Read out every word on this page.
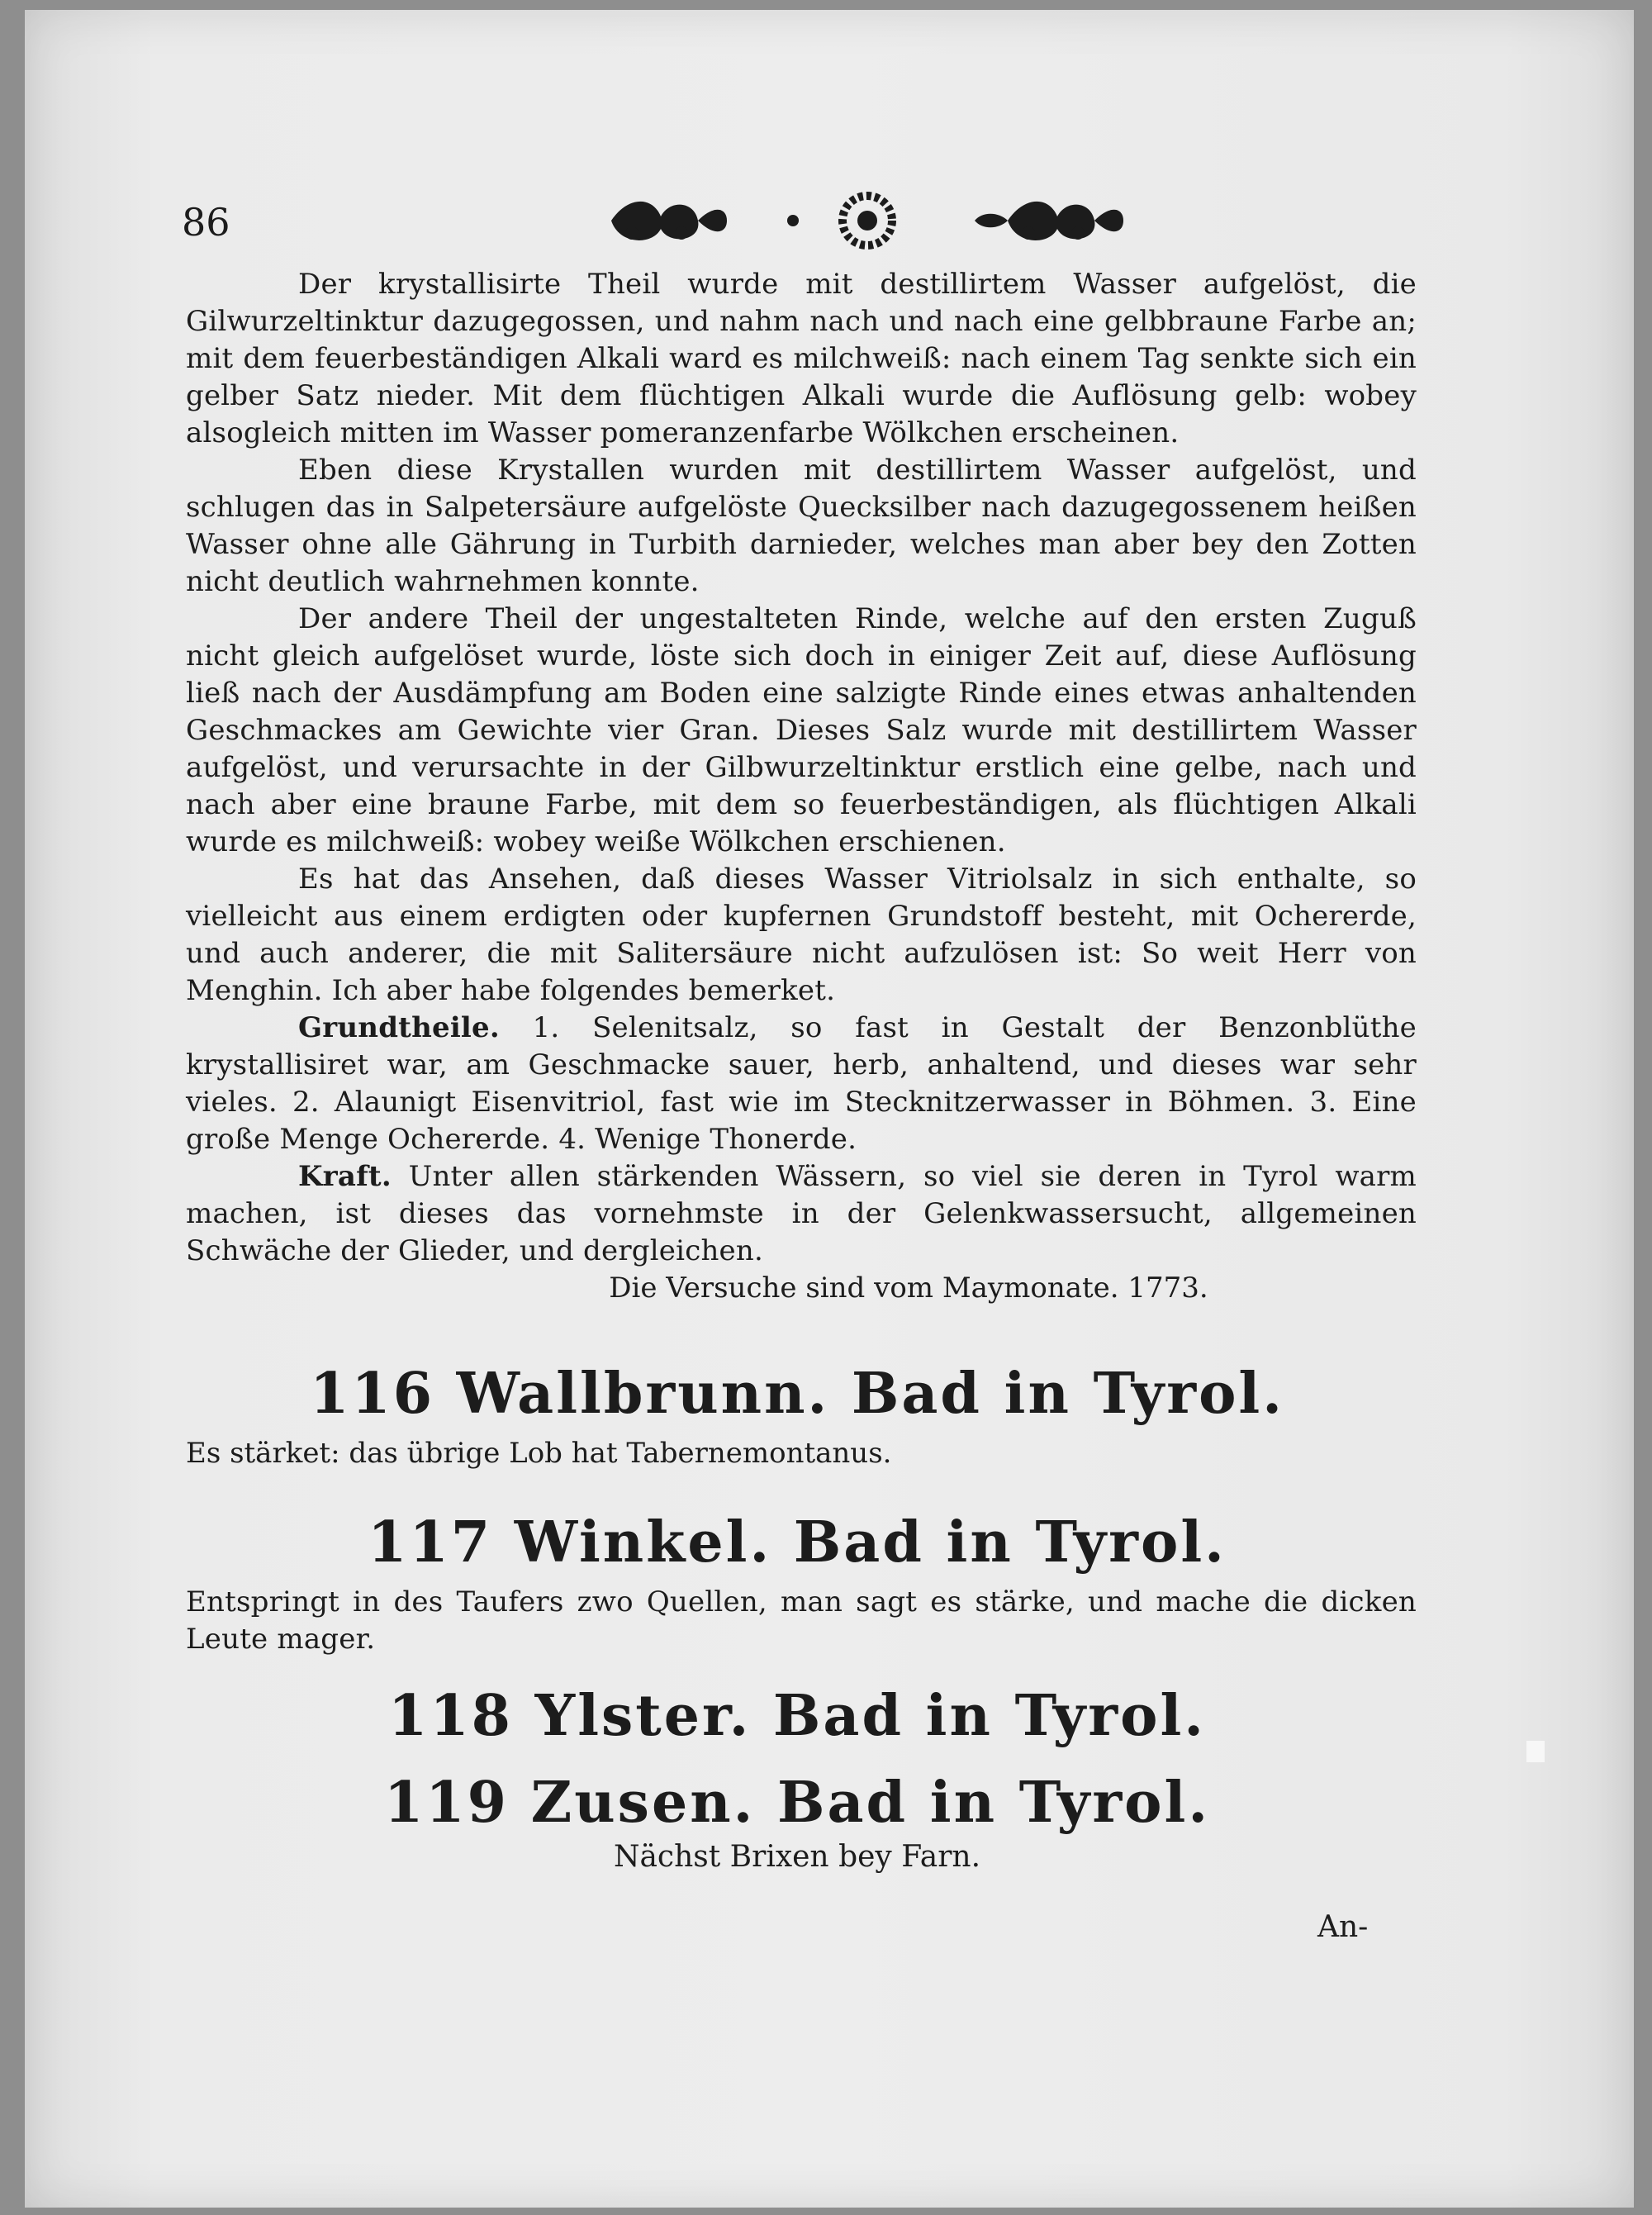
86

Der krystallisirte Theil wurde mit destillirtem Wasser aufgelöst, die Gilwurzeltinktur dazugegossen, und nahm nach und nach eine gelbbraune Farbe an; mit dem feuerbeständigen Alkali ward es milchweiß: nach einem Tag senkte sich ein gelber Satz nieder. Mit dem flüchtigen Alkali wurde die Auflösung gelb: wobey alsogleich mitten im Wasser pomeranzenfarbe Wölkchen erscheinen.

Eben diese Krystallen wurden mit destillirtem Wasser aufgelöst, und schlugen das in Salpetersäure aufgelöste Quecksilber nach dazugegossenem heißen Wasser ohne alle Gährung in Turbith darnieder, welches man aber bey den Zotten nicht deutlich wahrnehmen konnte.

Der andere Theil der ungestalteten Rinde, welche auf den ersten Zuguß nicht gleich aufgelöset wurde, löste sich doch in einiger Zeit auf, diese Auflösung ließ nach der Ausdämpfung am Boden eine salzigte Rinde eines etwas anhaltenden Geschmackes am Gewichte vier Gran. Dieses Salz wurde mit destillirtem Wasser aufgelöst, und verursachte in der Gilbwurzeltinktur erstlich eine gelbe, nach und nach aber eine braune Farbe, mit dem so feuerbeständigen, als flüchtigen Alkali wurde es milchweiß: wobey weiße Wölkchen erschienen.

Es hat das Ansehen, daß dieses Wasser Vitriolsalz in sich enthalte, so vielleicht aus einem erdigten oder kupfernen Grundstoff besteht, mit Ochererde, und auch anderer, die mit Salitersäure nicht aufzulösen ist: So weit Herr von Menghin. Ich aber habe folgendes bemerket.

Grundtheile. 1. Selenitsalz, so fast in Gestalt der Benzonblüthe krystallisiret war, am Geschmacke sauer, herb, anhaltend, und dieses war sehr vieles. 2. Alaunigt Eisenvitriol, fast wie im Stecknitzerwasser in Böhmen. 3. Eine große Menge Ochererde. 4. Wenige Thonerde.

Kraft. Unter allen stärkenden Wässern, so viel sie deren in Tyrol warm machen, ist dieses das vornehmste in der Gelenkwassersucht, allgemeinen Schwäche der Glieder, und dergleichen.

Die Versuche sind vom Maymonate. 1773.
116 Wallbrunn. Bad in Tyrol.
Es stärket: das übrige Lob hat Tabernemontanus.
117 Winkel. Bad in Tyrol.

Entspringt in des Taufers zwo Quellen, man sagt es stärke, und mache die dicken Leute mager.

118 Ylster. Bad in Tyrol.
119 Zusen. Bad in Tyrol.
Nächst Brixen bey Farn.
An-
